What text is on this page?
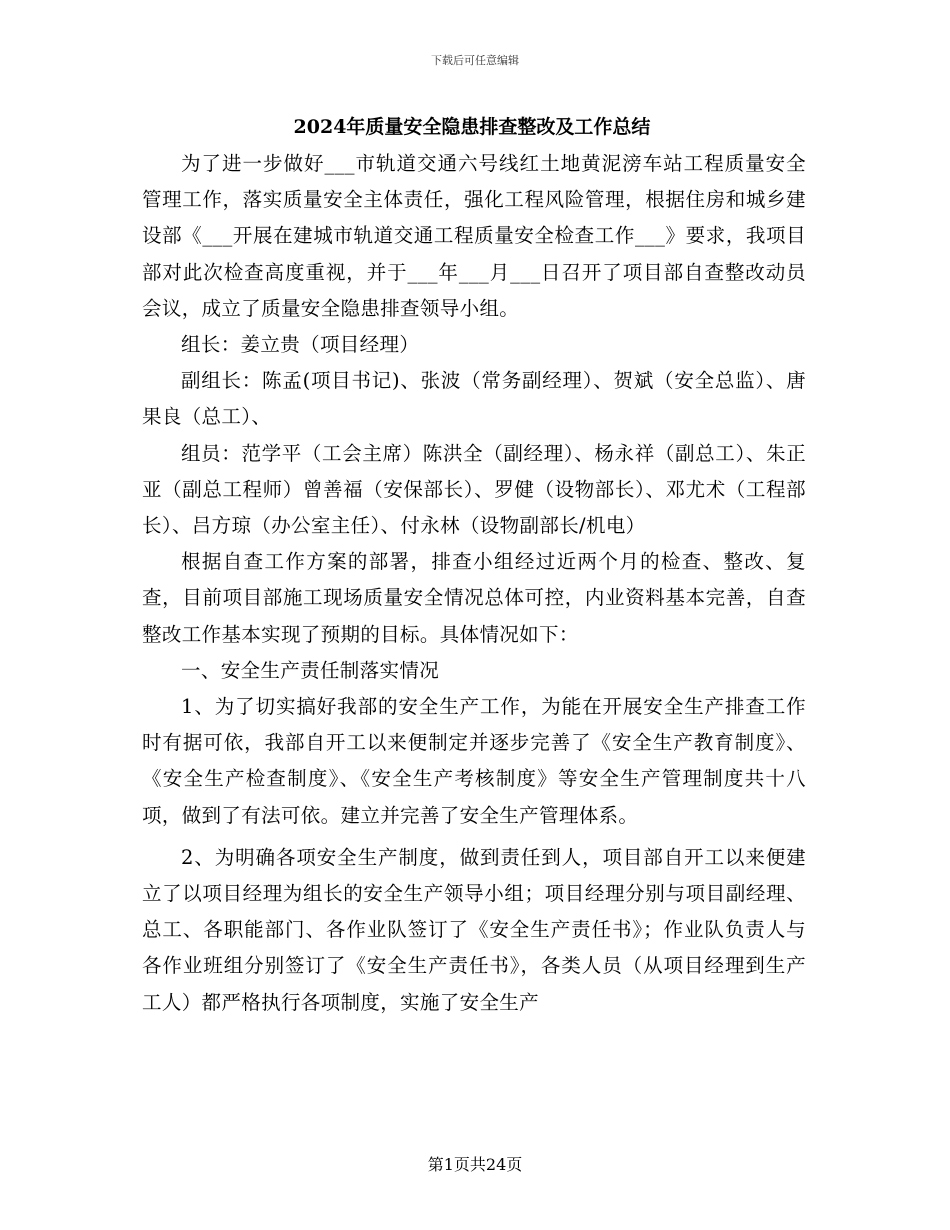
下载后可任意编辑
2024年质量安全隐患排查整改及工作总结

为了进一步做好___市轨道交通六号线红土地黄泥滂车站工程质量安全管理工作，落实质量安全主体责任，强化工程风险管理，根据住房和城乡建设部《___开展在建城市轨道交通工程质量安全检查工作___》要求，我项目部对此次检查高度重视，并于___年___月___日召开了项目部自查整改动员会议，成立了质量安全隐患排查领导小组。

组长：姜立贵（项目经理）

副组长：陈孟(项目书记)、张波（常务副经理）、贺斌（安全总监）、唐果良（总工）、

组员：范学平（工会主席）陈洪全（副经理）、杨永祥（副总工）、朱正亚（副总工程师）曾善福（安保部长）、罗健（设物部长）、邓尤术（工程部长）、吕方琼（办公室主任）、付永林（设物副部长/机电）

根据自查工作方案的部署，排查小组经过近两个月的检查、整改、复查，目前项目部施工现场质量安全情况总体可控，内业资料基本完善，自查整改工作基本实现了预期的目标。具体情况如下：

一、安全生产责任制落实情况

1、为了切实搞好我部的安全生产工作，为能在开展安全生产排查工作时有据可依，我部自开工以来便制定并逐步完善了《安全生产教育制度》、《安全生产检查制度》、《安全生产考核制度》等安全生产管理制度共十八项，做到了有法可依。建立并完善了安全生产管理体系。

2、为明确各项安全生产制度，做到责任到人，项目部自开工以来便建立了以项目经理为组长的安全生产领导小组；项目经理分别与项目副经理、总工、各职能部门、各作业队签订了《安全生产责任书》；作业队负责人与各作业班组分别签订了《安全生产责任书》，各类人员（从项目经理到生产工人）都严格执行各项制度，实施了安全生产

第1页共24页
